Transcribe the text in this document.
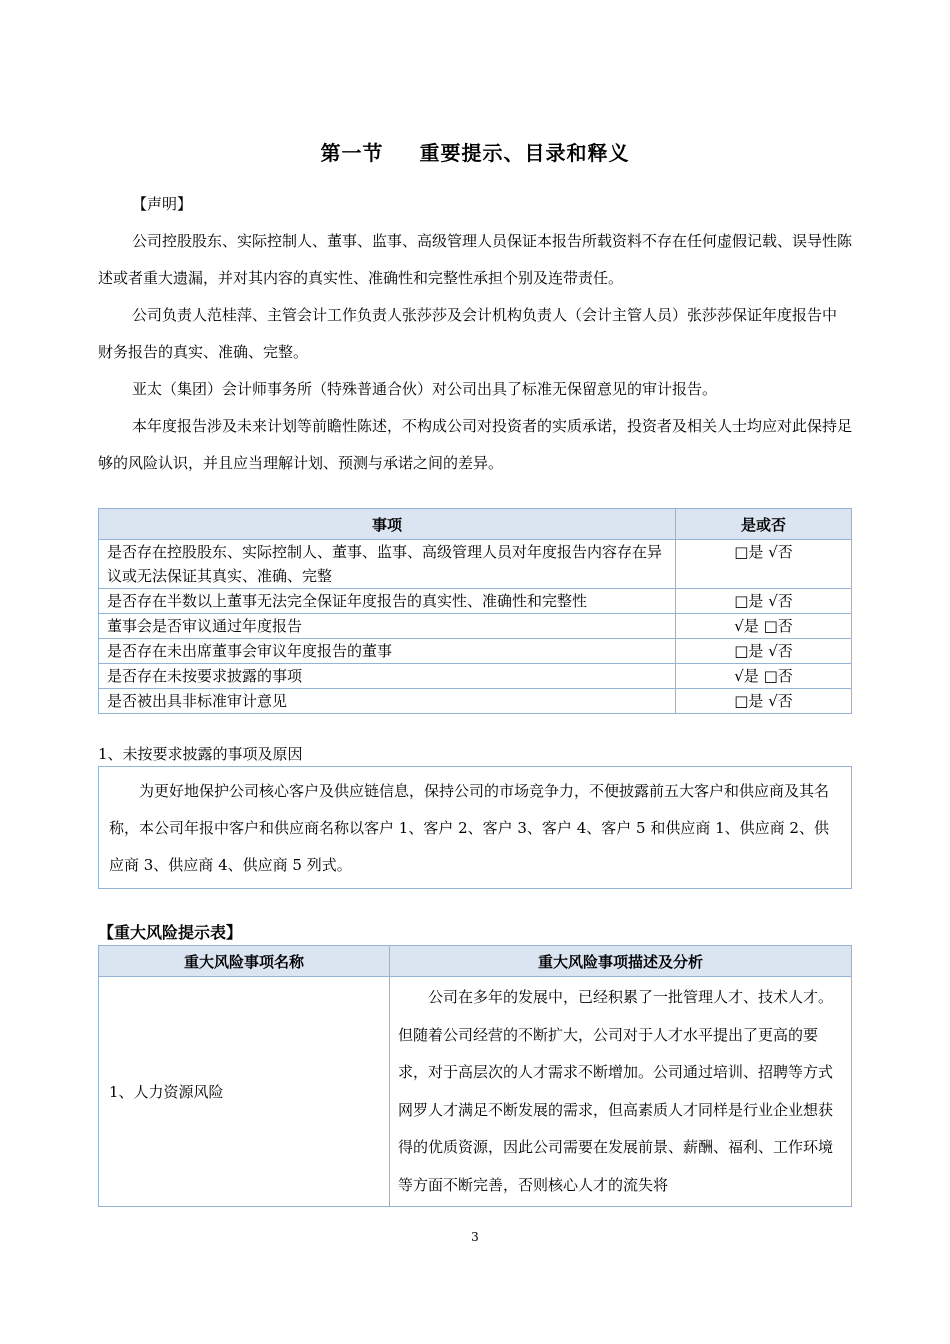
第一节 重要提示、目录和释义

【声明】

公司控股股东、实际控制人、董事、监事、高级管理人员保证本报告所载资料不存在任何虚假记载、误导性陈述或者重大遗漏，并对其内容的真实性、准确性和完整性承担个别及连带责任。

公司负责人范桂萍、主管会计工作负责人张莎莎及会计机构负责人（会计主管人员）张莎莎保证年度报告中财务报告的真实、准确、完整。

亚太（集团）会计师事务所（特殊普通合伙）对公司出具了标准无保留意见的审计报告。

本年度报告涉及未来计划等前瞻性陈述，不构成公司对投资者的实质承诺，投资者及相关人士均应对此保持足够的风险认识，并且应当理解计划、预测与承诺之间的差异。

事项	是或否
是否存在控股股东、实际控制人、董事、监事、高级管理人员对年度报告内容存在异议或无法保证其真实、准确、完整	□是 √否
是否存在半数以上董事无法完全保证年度报告的真实性、准确性和完整性	□是 √否
董事会是否审议通过年度报告	√是 □否
是否存在未出席董事会审议年度报告的董事	□是 √否
是否存在未按要求披露的事项	√是 □否
是否被出具非标准审计意见	□是 √否
1、未按要求披露的事项及原因
为更好地保护公司核心客户及供应链信息，保持公司的市场竞争力，不便披露前五大客户和供应商及其名称，本公司年报中客户和供应商名称以客户 1、客户 2、客户 3、客户 4、客户 5 和供应商 1、供应商 2、供应商 3、供应商 4、供应商 5 列式。
【重大风险提示表】
重大风险事项名称	重大风险事项描述及分析
1、人力资源风险	公司在多年的发展中，已经积累了一批管理人才、技术人才。但随着公司经营的不断扩大，公司对于人才水平提出了更高的要求，对于高层次的人才需求不断增加。公司通过培训、招聘等方式网罗人才满足不断发展的需求，但高素质人才同样是行业企业想获得的优质资源，因此公司需要在发展前景、薪酬、福利、工作环境等方面不断完善，否则核心人才的流失将
3
